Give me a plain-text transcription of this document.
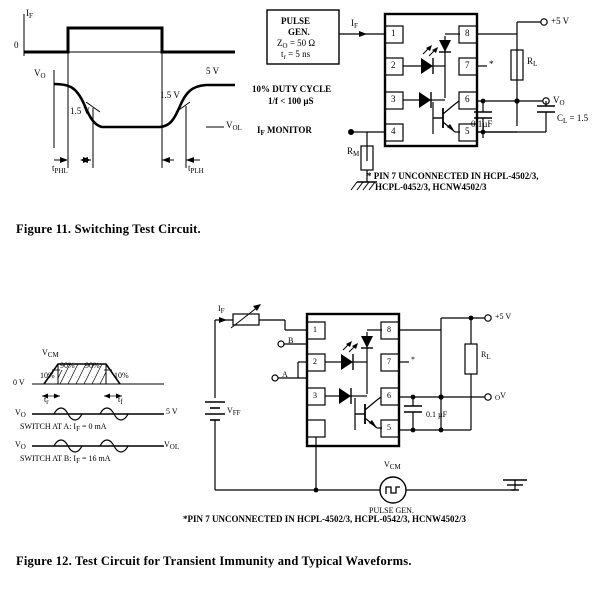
$I_F$
0
$V_O$	5 V
1.5 V
1.5 V
$V_{OL}$
$t_{PHL}$	$t_{PLH}$
PULSE
GEN.
$Z_O = 50$ Ω
$t_r = 5$ ns
10% DUTY CYCLE
1/f < 100 µS
$I_F$
$I_F$ MONITOR
$R_M$
1
2
3
4
8
7
6
5
*
+5 V
$R_L$
0.1µF
$V_O$
$C_L = 1.5$
* PIN 7 UNCONNECTED IN HCPL-4502/3,
HCPL-0452/3, HCNW4502/3
Figure 11. Switching Test Circuit.
VCM
0 V
10%
90% 90%
10%
tr	tf
VO	5 V
SWITCH AT A: IF = 0 mA
VO	VOL
SWITCH AT B: IF = 16 mA
IF
B
A
VFF
VCM
PULSE GEN.
1
2
3
8
7
6
5
*
+5 V
RL
0.1 µF
OV
*PIN 7 UNCONNECTED IN HCPL-4502/3, HCPL-0542/3, HCNW4502/3
Figure 12. Test Circuit for Transient Immunity and Typical Waveforms.
